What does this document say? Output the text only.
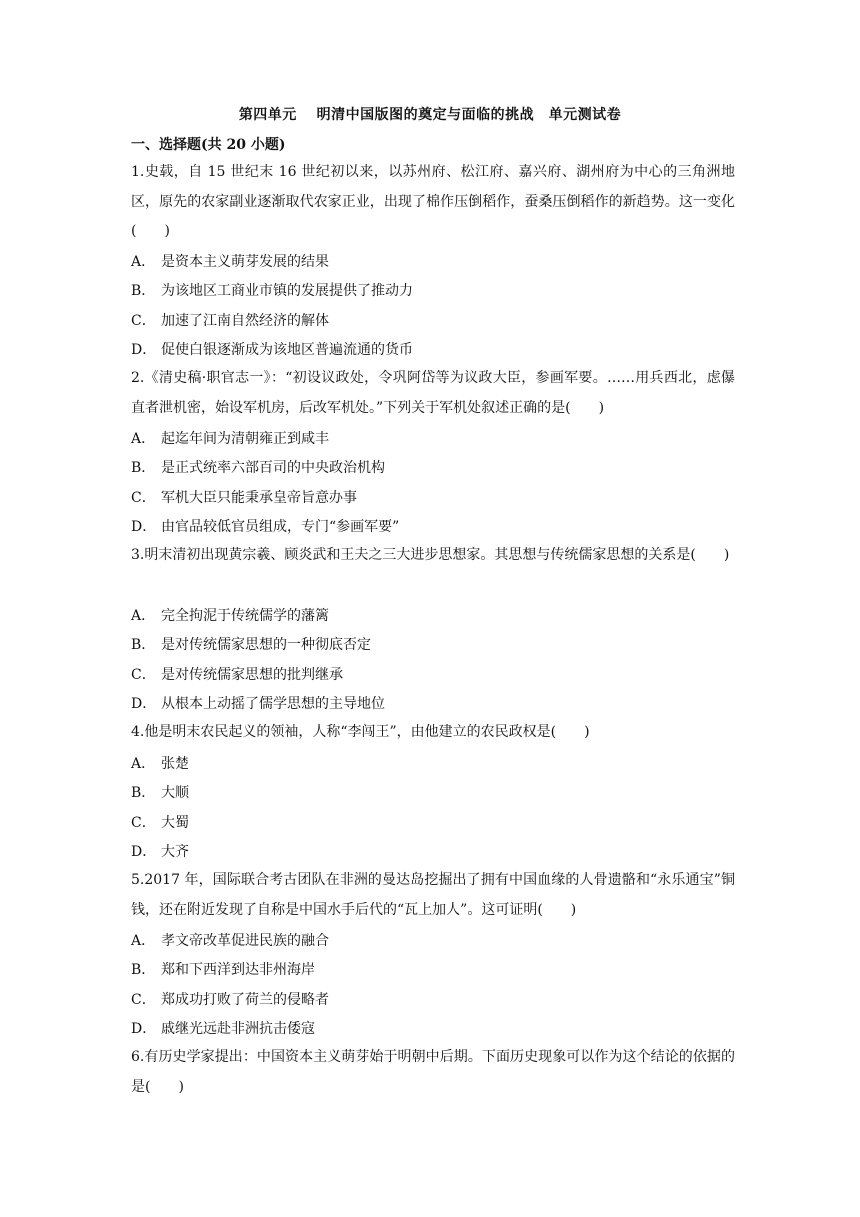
第四单元　 明清中国版图的奠定与面临的挑战　单元测试卷
一、选择题(共 20 小题)
1.史载，自 15 世纪末 16 世纪初以来，以苏州府、松江府、嘉兴府、湖州府为中心的三角洲地区，原先的农家副业逐渐取代农家正业，出现了棉作压倒稻作，蚕桑压倒稻作的新趋势。这一变化(　　)
A． 是资本主义萌芽发展的结果
B． 为该地区工商业市镇的发展提供了推动力
C． 加速了江南自然经济的解体
D． 促使白银逐渐成为该地区普遍流通的货币
2.《清史稿·职官志一》：“初设议政处，令巩阿岱等为议政大臣，参画军要。……用兵西北，虑儤直者泄机密，始设军机房，后改军机处。”下列关于军机处叙述正确的是(　　)
A． 起迄年间为清朝雍正到咸丰
B． 是正式统率六部百司的中央政治机构
C． 军机大臣只能秉承皇帝旨意办事
D． 由官品较低官员组成，专门“参画军要”
3.明末清初出现黄宗羲、顾炎武和王夫之三大进步思想家。其思想与传统儒家思想的关系是(　　)
A． 完全拘泥于传统儒学的藩篱
B． 是对传统儒家思想的一种彻底否定
C． 是对传统儒家思想的批判继承
D． 从根本上动摇了儒学思想的主导地位
4.他是明末农民起义的领袖，人称“李闯王”，由他建立的农民政权是(　　)
A． 张楚
B． 大顺
C． 大蜀
D． 大齐
5.2017 年，国际联合考古团队在非洲的曼达岛挖掘出了拥有中国血缘的人骨遗骼和“永乐通宝”铜钱，还在附近发现了自称是中国水手后代的“瓦上加人”。这可证明(　　)
A． 孝文帝改革促进民族的融合
B． 郑和下西洋到达非州海岸
C． 郑成功打败了荷兰的侵略者
D． 戚继光远赴非洲抗击倭寇
6.有历史学家提出：中国资本主义萌芽始于明朝中后期。下面历史现象可以作为这个结论的依据的是(　　)
